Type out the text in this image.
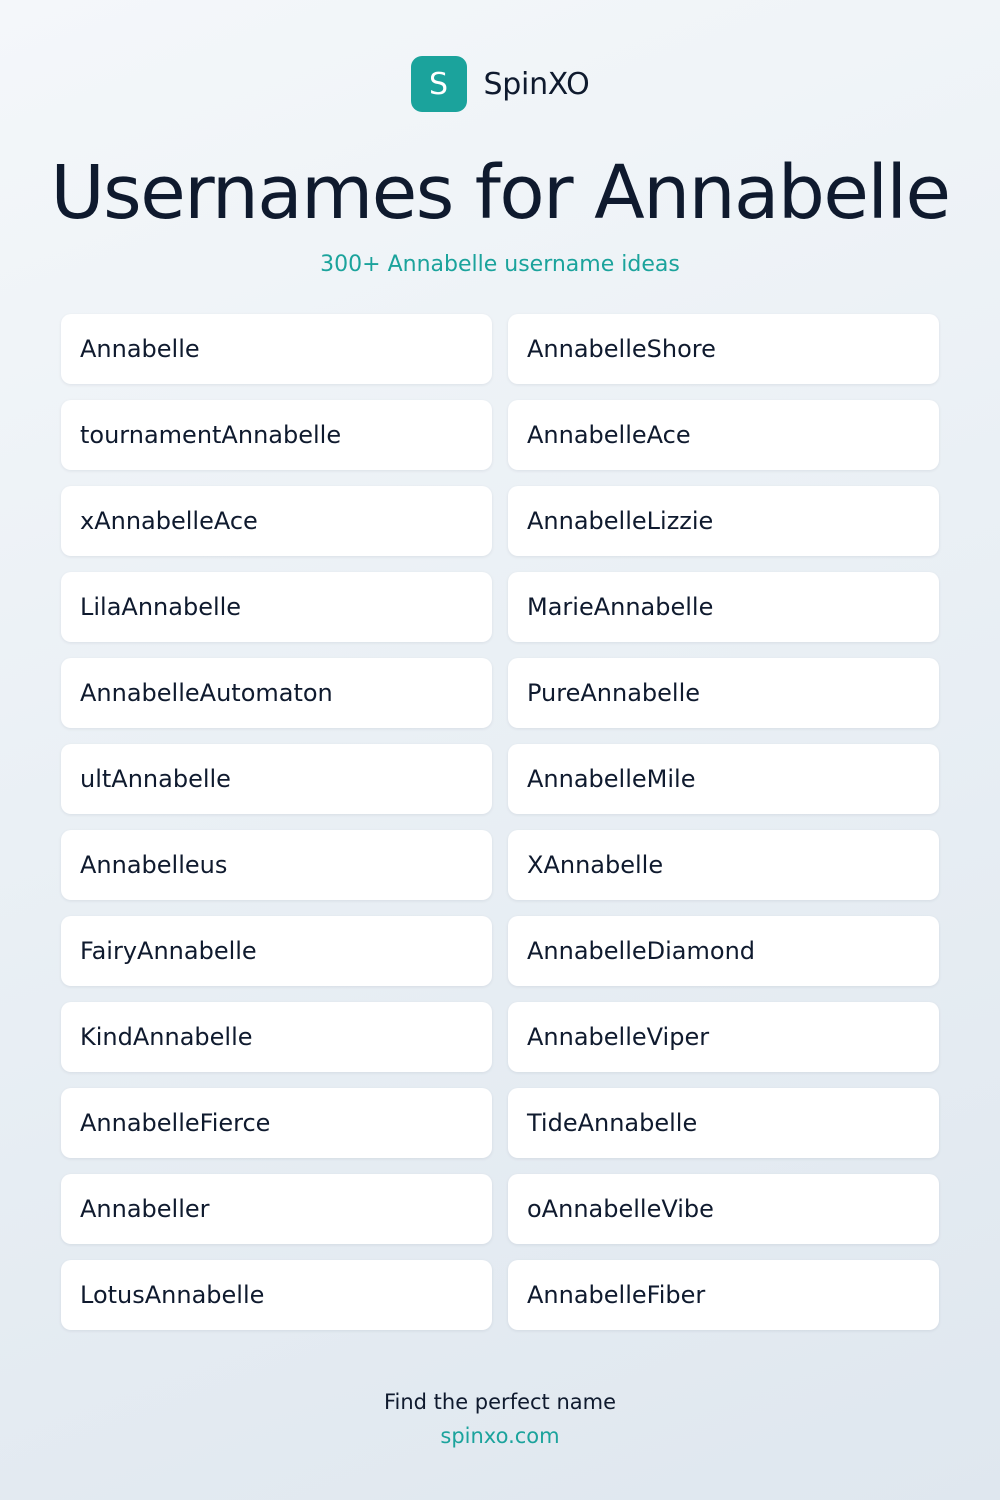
S SpinXO
Usernames for Annabelle
300+ Annabelle username ideas
Annabelle	AnnabelleShore
tournamentAnnabelle	AnnabelleAce
xAnnabelleAce	AnnabelleLizzie
LilaAnnabelle	MarieAnnabelle
AnnabelleAutomaton	PureAnnabelle
ultAnnabelle	AnnabelleMile
Annabelleus	XAnnabelle
FairyAnnabelle	AnnabelleDiamond
KindAnnabelle	AnnabelleViper
AnnabelleFierce	TideAnnabelle
Annabeller	oAnnabelleVibe
LotusAnnabelle	AnnabelleFiber
Find the perfect name
spinxo.com
